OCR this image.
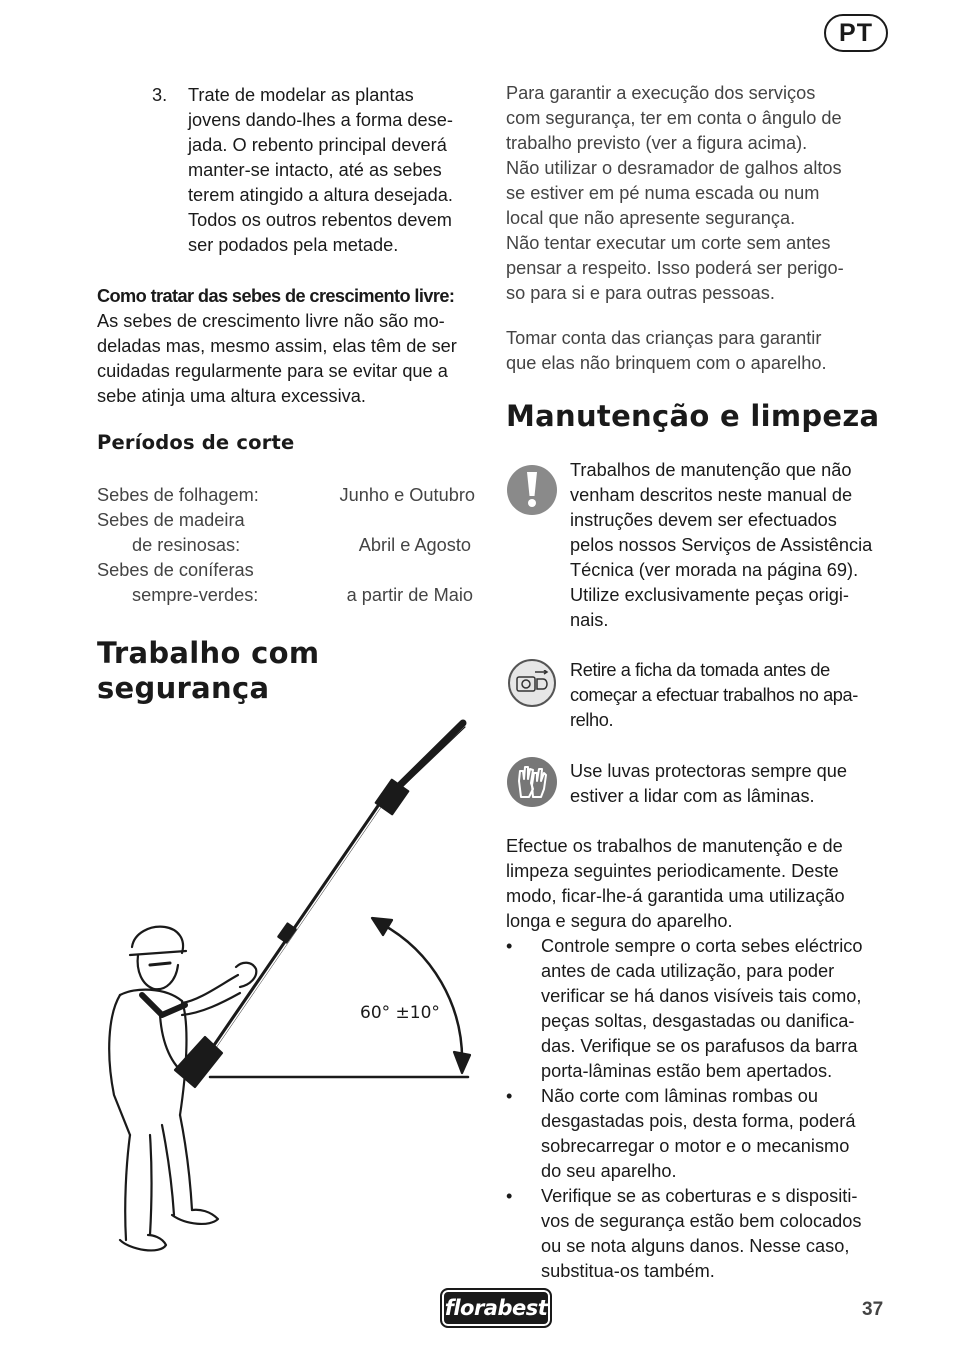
PT
3.	Trate de modelar as plantas

jovens dando-lhes a forma dese-

jada. O rebento principal deverá

manter-se intacto, até as sebes

terem atingido a altura desejada.

Todos os outros rebentos devem

ser podados pela metade.

Como tratar das sebes de crescimento livre:

As sebes de crescimento livre não são mo-

deladas mas, mesmo assim, elas têm de ser

cuidadas regularmente para se evitar que a

sebe atinja uma altura excessiva.

Períodos de corte
Sebes de folhagem:	Junho e Outubro
Sebes de madeira
de resinosas:	Abril e Agosto
Sebes de coníferas
sempre-verdes:	a partir de Maio
Trabalho com
segurança
60° ±10°

Para garantir a execução dos serviços

com segurança, ter em conta o ângulo de

trabalho previsto (ver a figura acima).

Não utilizar o desramador de galhos altos

se estiver em pé numa escada ou num

local que não apresente segurança.

Não tentar executar um corte sem antes

pensar a respeito. Isso poderá ser perigo-

so para si e para outras pessoas.

Tomar conta das crianças para garantir

que elas não brinquem com o aparelho.

Manutenção e limpeza

Trabalhos de manutenção que não

venham descritos neste manual de

instruções devem ser efectuados

pelos nossos Serviços de Assistência

Técnica (ver morada na página 69).

Utilize exclusivamente peças origi-

nais.

Retire a ficha da tomada antes de

começar a efectuar trabalhos no apa-

relho.

Use luvas protectoras sempre que

estiver a lidar com as lâminas.

Efectue os trabalhos de manutenção e de

limpeza seguintes periodicamente. Deste

modo, ficar-lhe-á garantida uma utilização

longa e segura do aparelho.

•	Controle sempre o corta sebes eléctrico

antes de cada utilização, para poder

verificar se há danos visíveis tais como,

peças soltas, desgastadas ou danifica-

das. Verifique se os parafusos da barra

porta-lâminas estão bem apertados.

•	Não corte com lâminas rombas ou

desgastadas pois, desta forma, poderá

sobrecarregar o motor e o mecanismo

do seu aparelho.

•	Verifique se as coberturas e s dispositi-

vos de segurança estão bem colocados

ou se nota alguns danos. Nesse caso,

substitua-os também.

florabest	37
